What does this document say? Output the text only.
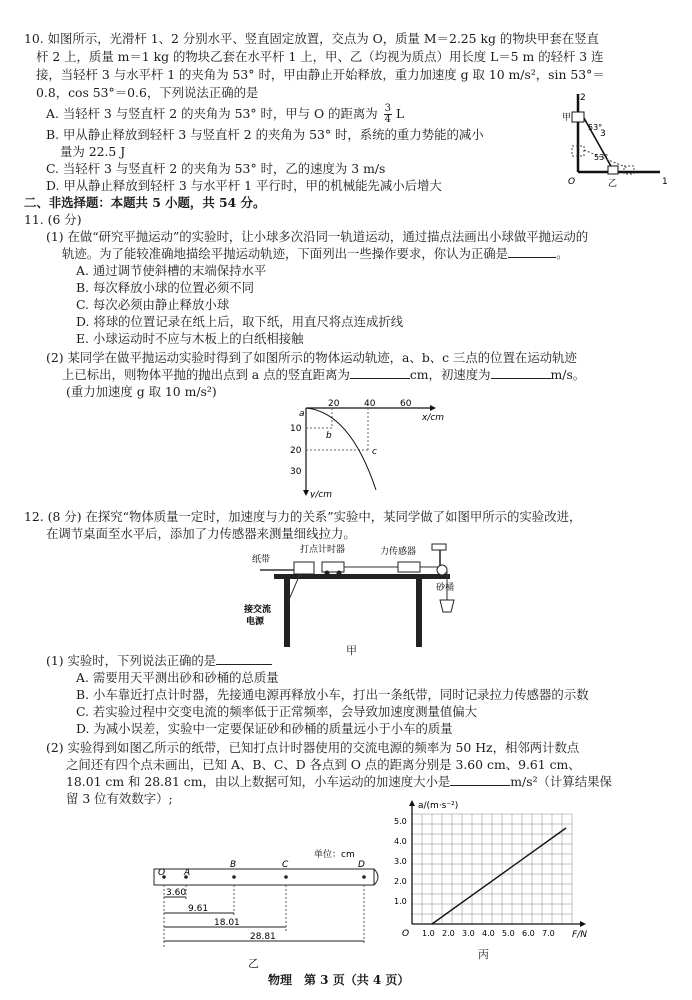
10. 如图所示，光滑杆 1、2 分别水平、竖直固定放置，交点为 O，质量 M＝2.25 kg 的物块甲套在竖直
杆 2 上，质量 m＝1 kg 的物块乙套在水平杆 1 上，甲、乙（均视为质点）用长度 L＝5 m 的轻杆 3 连
接，当轻杆 3 与水平杆 1 的夹角为 53° 时，甲由静止开始释放，重力加速度 g 取 10 m/s²，sin 53°＝
0.8，cos 53°＝0.6，下列说法正确的是
A. 当轻杆 3 与竖直杆 2 的夹角为 53° 时，甲与 O 的距离为 $\frac{3}{4}$ L
B. 甲从静止释放到轻杆 3 与竖直杆 2 的夹角为 53° 时，系统的重力势能的减小
量为 22.5 J
C. 当轻杆 3 与竖直杆 2 的夹角为 53° 时，乙的速度为 3 m/s
D. 甲从静止释放到轻杆 3 与水平杆 1 平行时，甲的机械能先减小后增大
2
3
1
O
甲
乙
53°
53°
二、非选择题：本题共 5 小题，共 54 分。
11. (6 分)
(1) 在做“研究平抛运动”的实验时，让小球多次沿同一轨道运动，通过描点法画出小球做平抛运动的
轨迹。为了能较准确地描绘平抛运动轨迹，下面列出一些操作要求，你认为正确是	。
A. 通过调节使斜槽的末端保持水平
B. 每次释放小球的位置必须不同
C. 每次必须由静止释放小球
D. 将球的位置记录在纸上后，取下纸，用直尺将点连成折线
E. 小球运动时不应与木板上的白纸相接触
(2) 某同学在做平抛运动实验时得到了如图所示的物体运动轨迹，a、b、c 三点的位置在运动轨迹
上已标出，则物体平抛的抛出点到 a 点的竖直距离为	cm，初速度为	m/s。
(重力加速度 g 取 10 m/s²)
20	40	60
x/cm
10
20
30
y/cm
a
b
c
12. (8 分) 在探究“物体质量一定时，加速度与力的关系”实验中，某同学做了如图甲所示的实验改进，
在调节桌面至水平后，添加了力传感器来测量细线拉力。
纸带
打点计时器	力传感器
砂桶
接交流
电源
甲
(1) 实验时，下列说法正确的是
A. 需要用天平测出砂和砂桶的总质量
B. 小车靠近打点计时器，先接通电源再释放小车，打出一条纸带，同时记录拉力传感器的示数
C. 若实验过程中交变电流的频率低于正常频率，会导致加速度测量值偏大
D. 为减小误差，实验中一定要保证砂和砂桶的质量远小于小车的质量
(2) 实验得到如图乙所示的纸带，已知打点计时器使用的交流电源的频率为 50 Hz，相邻两计数点
之间还有四个点未画出，已知 A、B、C、D 各点到 O 点的距离分别是 3.60 cm、9.61 cm、
18.01 cm 和 28.81 cm，由以上数据可知，小车运动的加速度大小是	m/s²（计算结果保
留 3 位有效数字）;
O A
B	C	D
单位：cm
3.60
9.61
18.01
28.81
乙
a/(m·s⁻²)
F/N
O
1.0
2.0
3.0
4.0
5.0
1.0 2.0 3.0 4.0 5.0 6.0 7.0
丙
物理　第 3 页（共 4 页）
